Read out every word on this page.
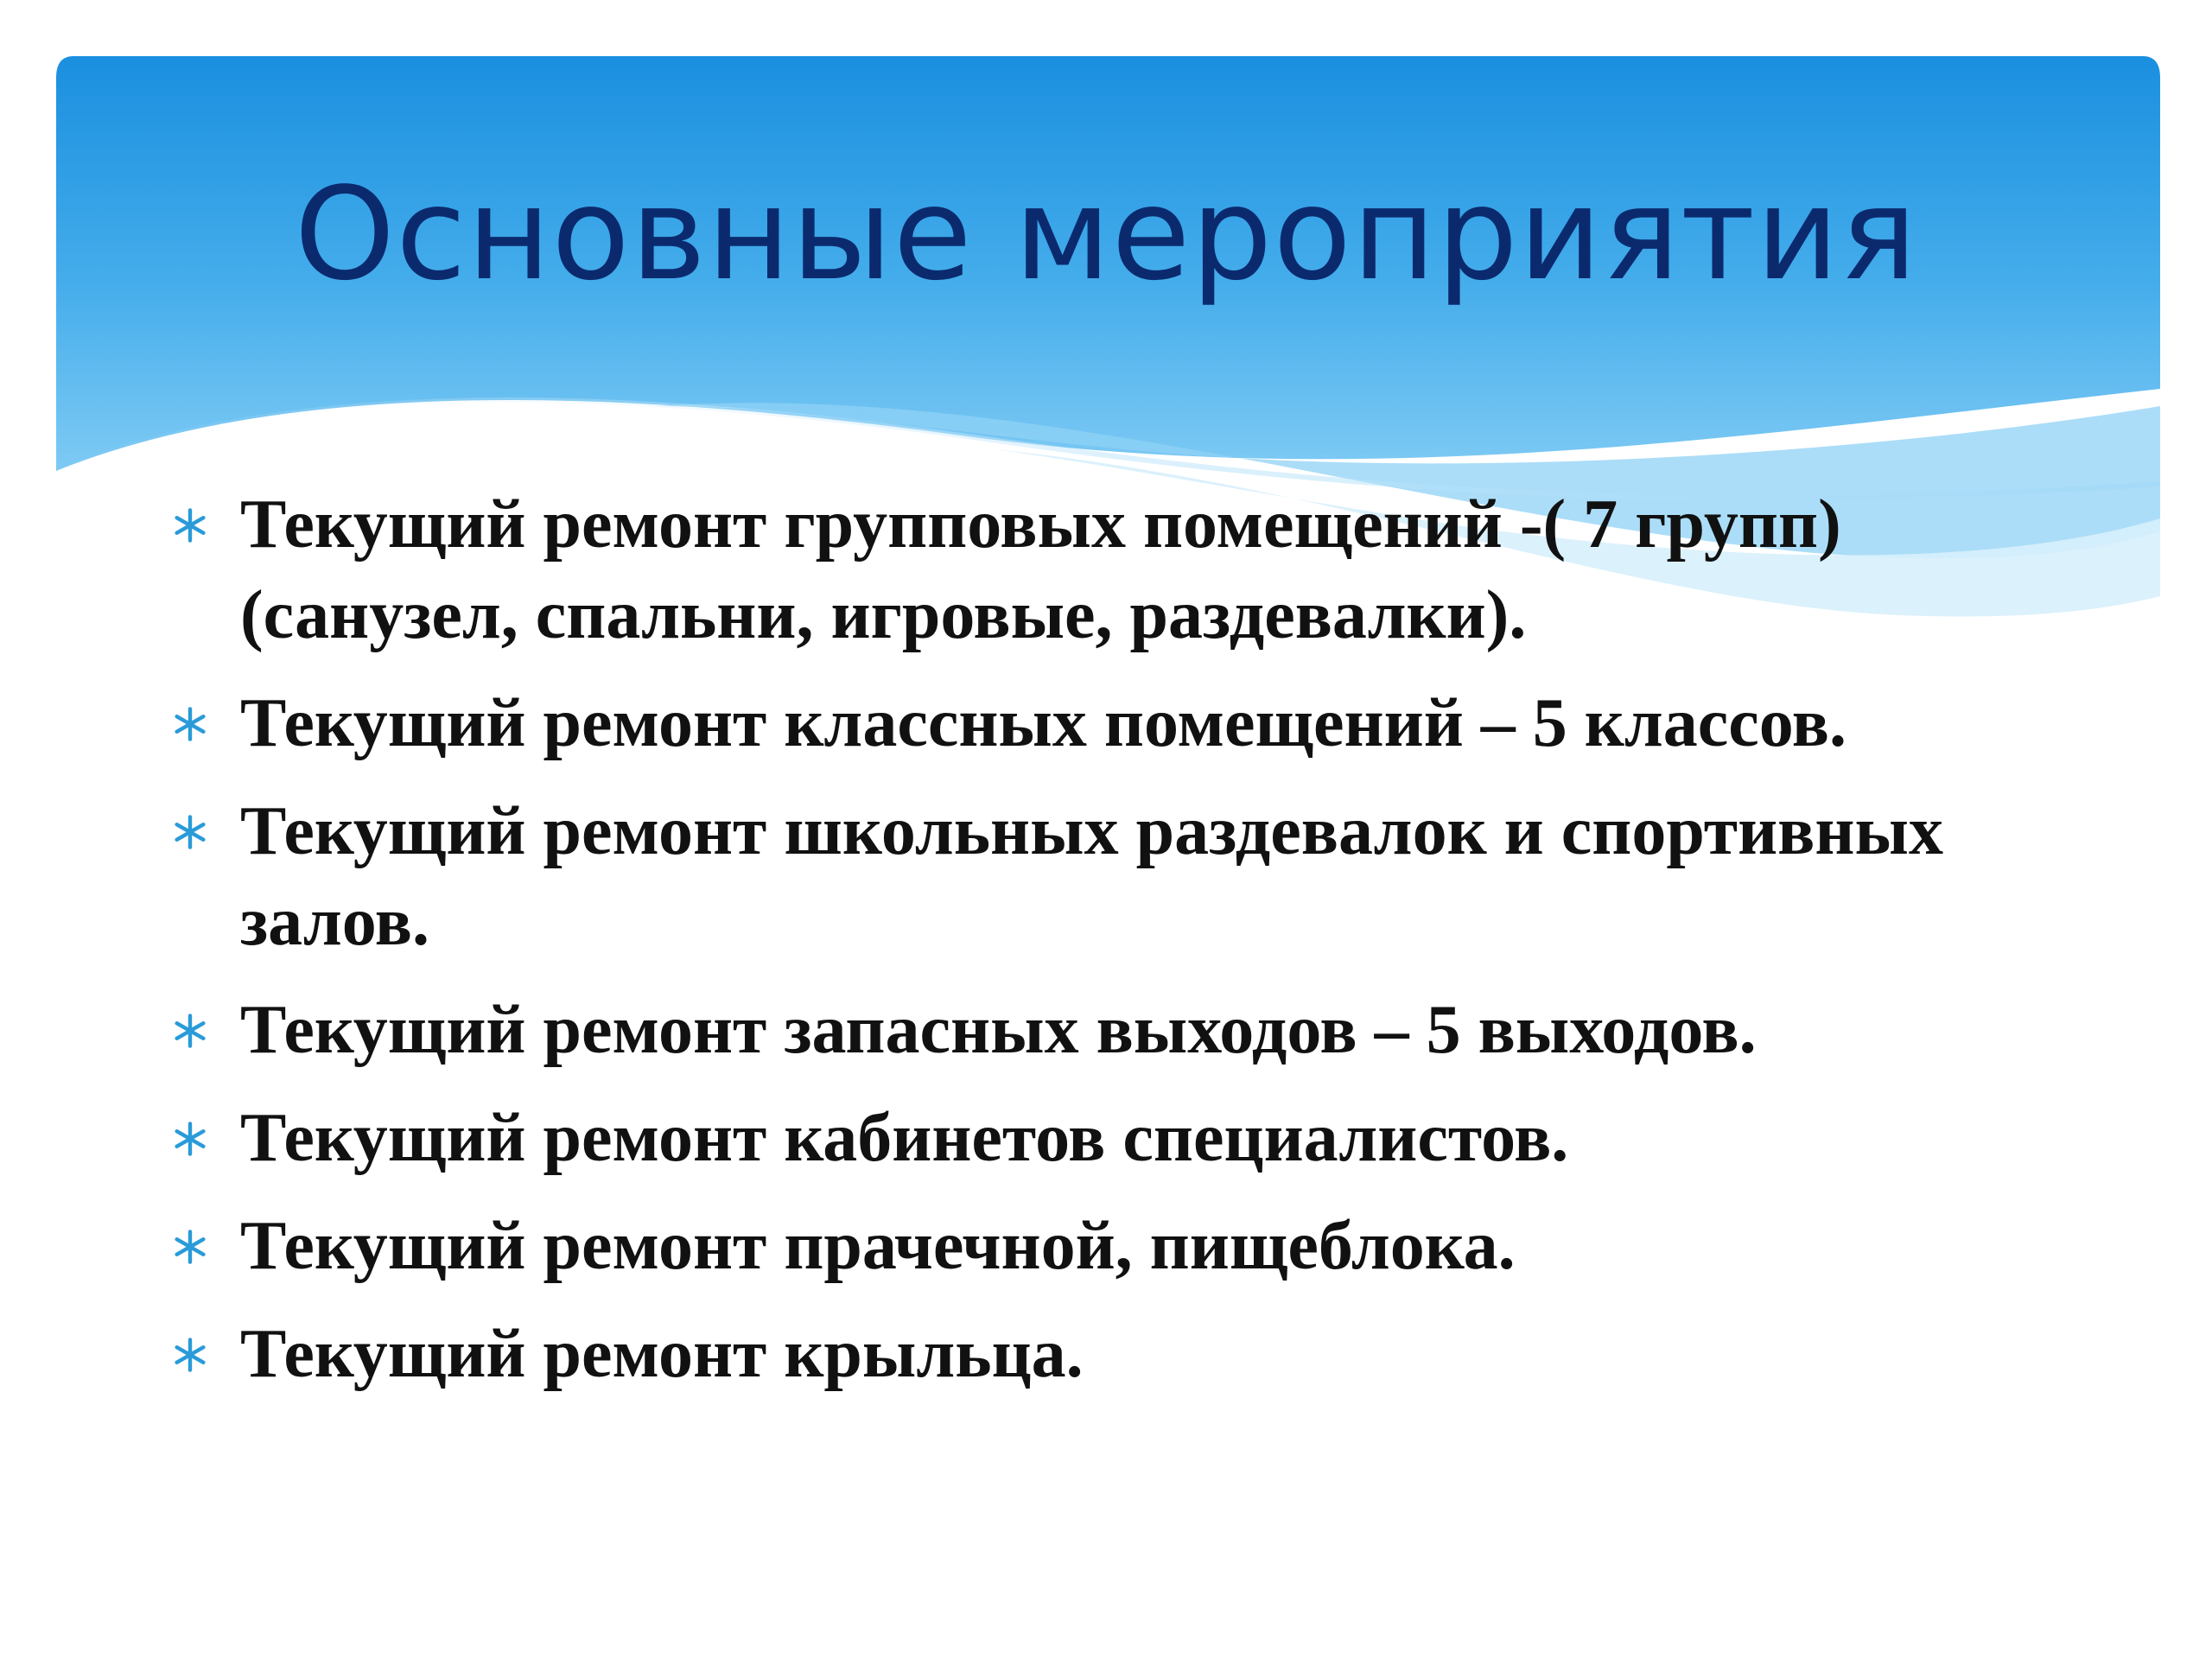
Основные мероприятия
Текущий ремонт групповых помещений -( 7 групп) (санузел, спальни, игровые, раздевалки).
Текущий ремонт классных помещений – 5 классов.
Текущий ремонт школьных раздевалок и спортивных залов.
Текущий ремонт запасных выходов – 5 выходов.
Текущий ремонт кабинетов специалистов.
Текущий ремонт прачечной, пищеблока.
Текущий ремонт крыльца.
